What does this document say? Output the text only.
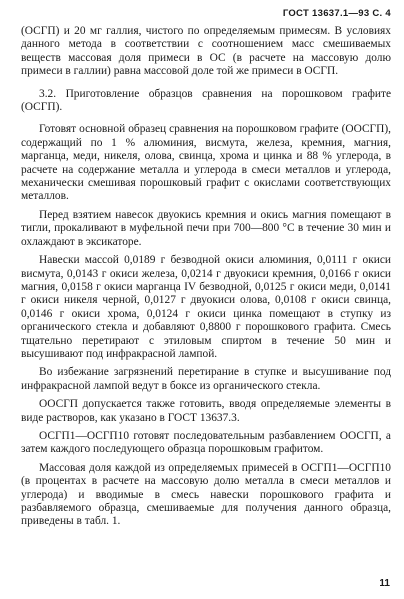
ГОСТ 13637.1—93 С. 4

(ОСГП) и 20 мг галлия, чистого по определяемым примесям. В условиях данного метода в соответствии с соотношением масс смешиваемых веществ массовая доля примеси в ОС (в расчете на массовую долю примеси в галлии) равна массовой доле той же примеси в ОСГП.

3.2. Приготовление образцов сравнения на порошковом графите (ОСГП).

Готовят основной образец сравнения на порошковом графите (ООСГП), содержащий по 1 % алюминия, висмута, железа, кремния, магния, марганца, меди, никеля, олова, свинца, хрома и цинка и 88 % углерода, в расчете на содержание металла и углерода в смеси металлов и углерода, механически смешивая порошковый графит с окислами соответствующих металлов.

Перед взятием навесок двуокись кремния и окись магния помещают в тигли, прокаливают в муфельной печи при 700—800 °С в течение 30 мин и охлаждают в эксикаторе.

Навески массой 0,0189 г безводной окиси алюминия, 0,0111 г окиси висмута, 0,0143 г окиси железа, 0,0214 г двуокиси кремния, 0,0166 г окиси магния, 0,0158 г окиси марганца IV безводной, 0,0125 г окиси меди, 0,0141 г окиси никеля черной, 0,0127 г двуокиси олова, 0,0108 г окиси свинца, 0,0146 г окиси хрома, 0,0124 г окиси цинка помещают в ступку из органического стекла и добавляют 0,8800 г порошкового графита. Смесь тщательно перетирают с этиловым спиртом в течение 50 мин и высушивают под инфракрасной лампой.

Во избежание загрязнений перетирание в ступке и высушивание под инфракрасной лампой ведут в боксе из органического стекла.

ООСГП допускается также готовить, вводя определяемые элементы в виде растворов, как указано в ГОСТ 13637.3.

ОСГП1—ОСГП10 готовят последовательным разбавлением ООСГП, а затем каждого последующего образца порошковым графитом.

Массовая доля каждой из определяемых примесей в ОСГП1—ОСГП10 (в процентах в расчете на массовую долю металла в смеси металлов и углерода) и вводимые в смесь навески порошкового графита и разбавляемого образца, смешиваемые для получения данного образца, приведены в табл. 1.

11
